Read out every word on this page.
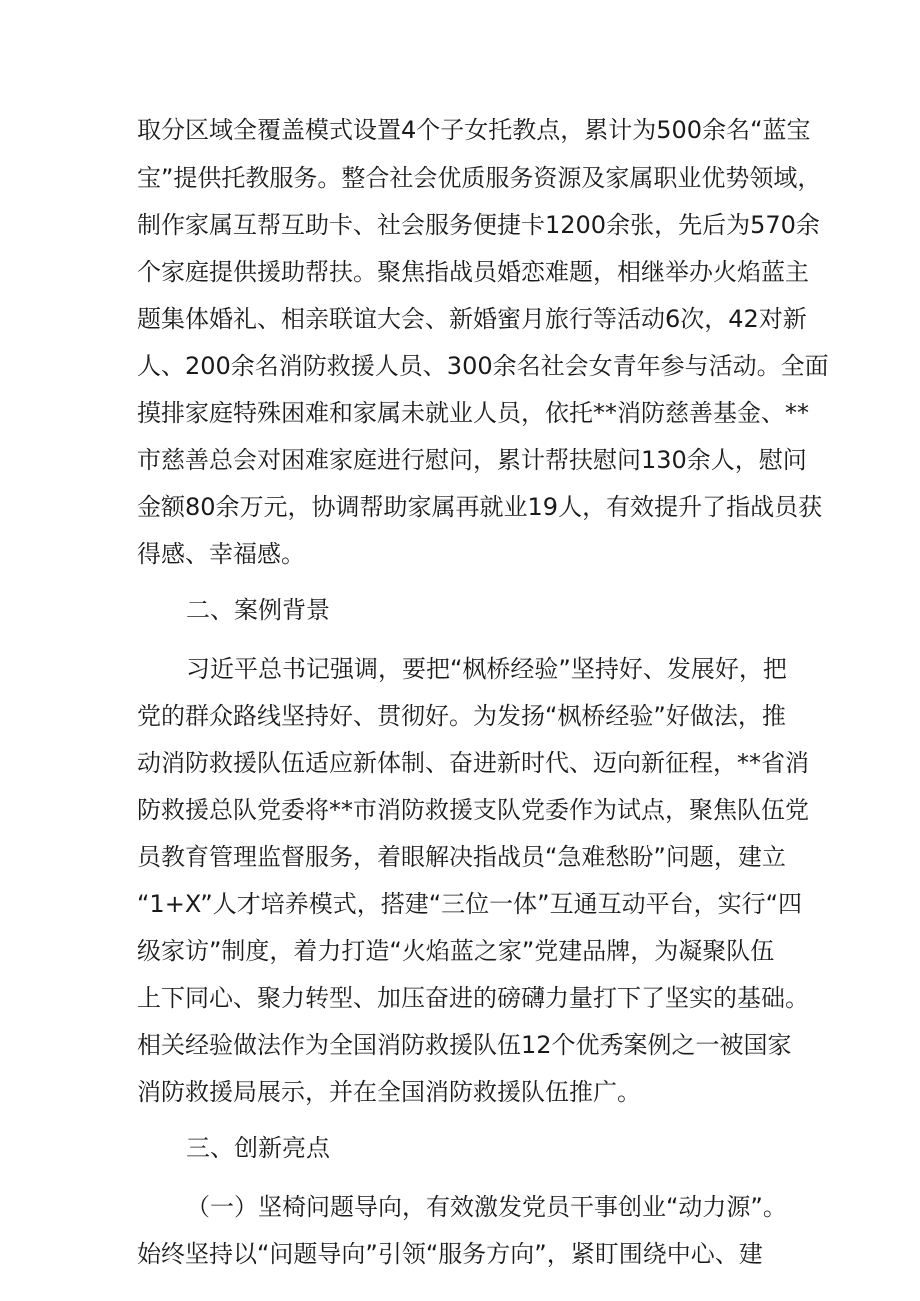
取分区域全覆盖模式设置4个子女托教点，累计为500余名“蓝宝
宝”提供托教服务。整合社会优质服务资源及家属职业优势领域，
制作家属互帮互助卡、社会服务便捷卡1200余张，先后为570余
个家庭提供援助帮扶。聚焦指战员婚恋难题，相继举办火焰蓝主
题集体婚礼、相亲联谊大会、新婚蜜月旅行等活动6次，42对新
人、200余名消防救援人员、300余名社会女青年参与活动。全面
摸排家庭特殊困难和家属未就业人员，依托**消防慈善基金、**
市慈善总会对困难家庭进行慰问，累计帮扶慰问130余人，慰问
金额80余万元，协调帮助家属再就业19人，有效提升了指战员获
得感、幸福感。
二、案例背景
习近平总书记强调，要把“枫桥经验”坚持好、发展好，把
党的群众路线坚持好、贯彻好。为发扬“枫桥经验”好做法，推
动消防救援队伍适应新体制、奋进新时代、迈向新征程，**省消
防救援总队党委将**市消防救援支队党委作为试点，聚焦队伍党
员教育管理监督服务，着眼解决指战员“急难愁盼”问题，建立
“1+X”人才培养模式，搭建“三位一体”互通互动平台，实行“四
级家访”制度，着力打造“火焰蓝之家”党建品牌，为凝聚队伍
上下同心、聚力转型、加压奋进的磅礴力量打下了坚实的基础。
相关经验做法作为全国消防救援队伍12个优秀案例之一被国家
消防救援局展示，并在全国消防救援队伍推广。
三、创新亮点
（一）坚椅问题导向，有效激发党员干事创业“动力源”。
始终坚持以“问题导向”引领“服务方向”，紧盯围绕中心、建
